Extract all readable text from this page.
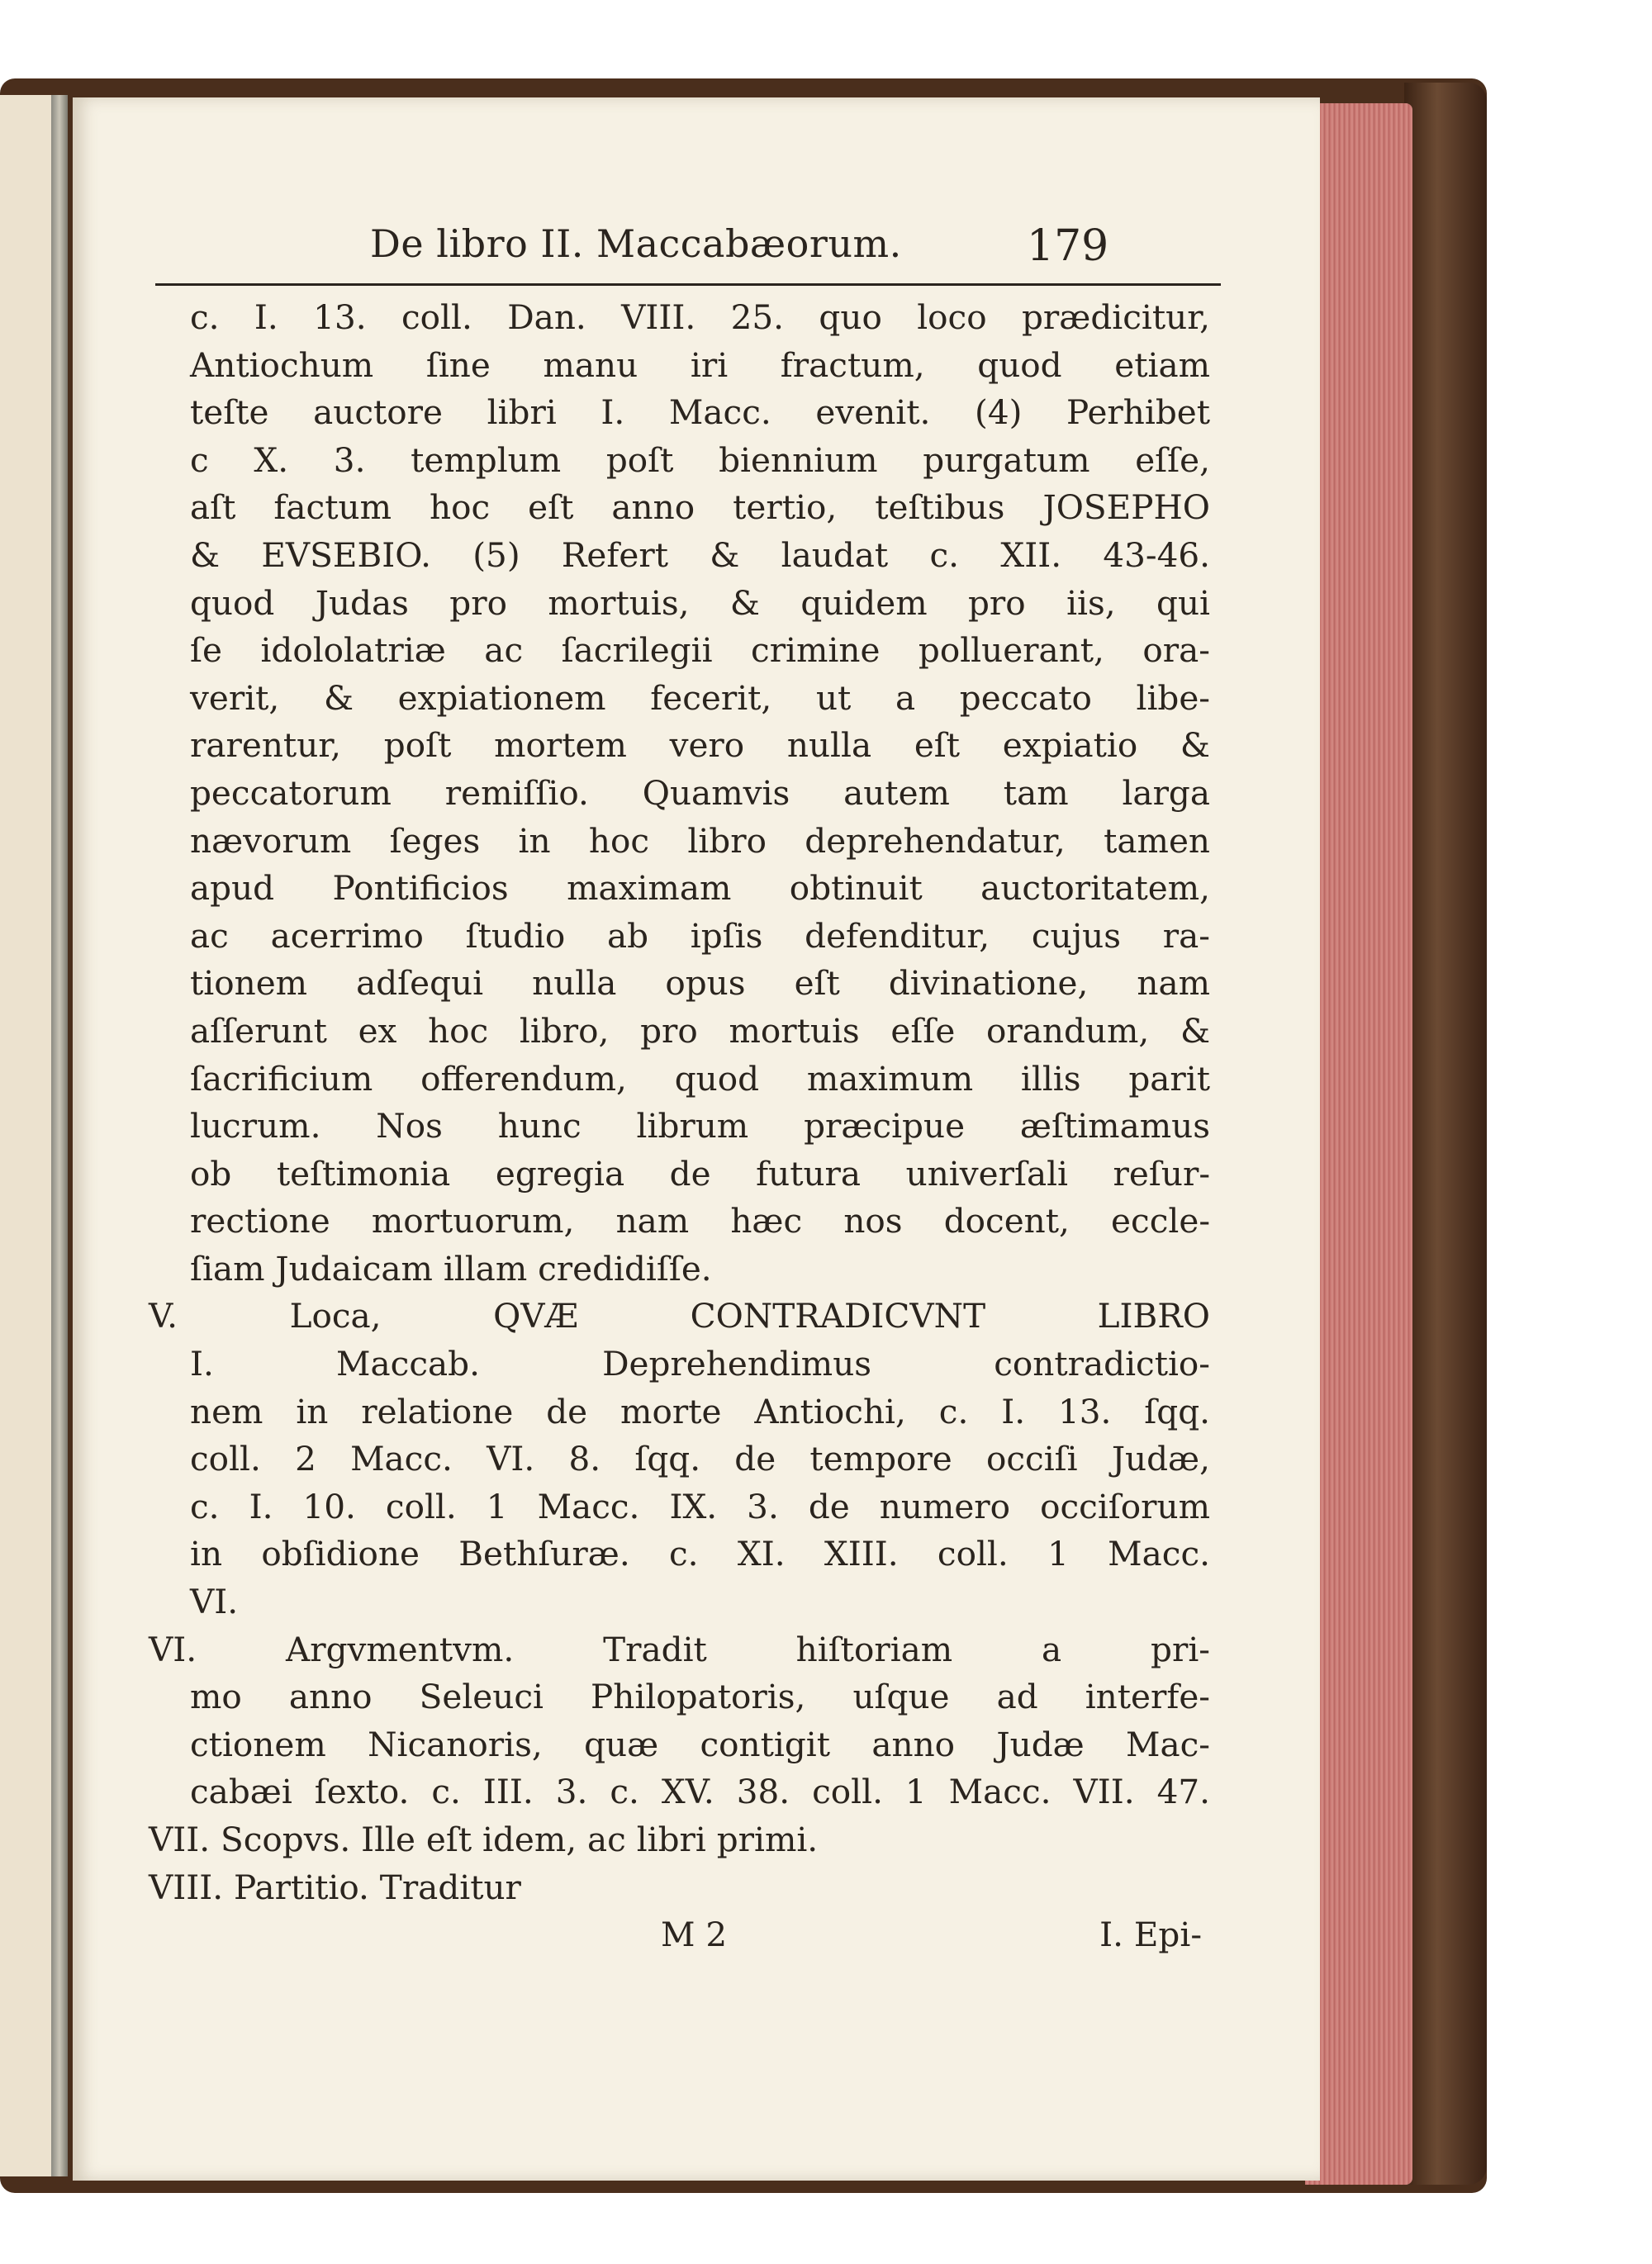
De libro II. Maccabæorum.	179
c. I. 13. coll. Dan. VIII. 25. quo loco prædicitur,
Antiochum ſine manu iri fractum, quod etiam
teſte auctore libri I. Macc. evenit. (4) Perhibet
c X. 3. templum poſt biennium purgatum eſſe,
aſt factum hoc eſt anno tertio, teſtibus JOSEPHO
& EVSEBIO. (5) Refert & laudat c. XII. 43-46.
quod Judas pro mortuis, & quidem pro iis, qui
ſe idololatriæ ac ſacrilegii crimine polluerant, ora-
verit, & expiationem fecerit, ut a peccato libe-
rarentur, poſt mortem vero nulla eſt expiatio &
peccatorum remiſſio. Quamvis autem tam larga
nævorum ſeges in hoc libro deprehendatur, tamen
apud Pontificios maximam obtinuit auctoritatem,
ac acerrimo ſtudio ab ipſis defenditur, cujus ra-
tionem adſequi nulla opus eſt divinatione, nam
aſſerunt ex hoc libro, pro mortuis eſſe orandum, &
ſacrificium offerendum, quod maximum illis parit
lucrum. Nos hunc librum præcipue æſtimamus
ob teſtimonia egregia de futura univerſali reſur-
rectione mortuorum, nam hæc nos docent, eccle-
ſiam Judaicam illam credidiſſe.
V. Loca, QVÆ CONTRADICVNT LIBRO
I. Maccab. Deprehendimus contradictio-
nem in relatione de morte Antiochi, c. I. 13. ſqq.
coll. 2 Macc. VI. 8. ſqq. de tempore occiſi Judæ,
c. I. 10. coll. 1 Macc. IX. 3. de numero occiſorum
in obſidione Bethſuræ. c. XI. XIII. coll. 1 Macc.
VI.
VI. Argvmentvm. Tradit hiſtoriam a pri-
mo anno Seleuci Philopatoris, uſque ad interfe-
ctionem Nicanoris, quæ contigit anno Judæ Mac-
cabæi ſexto. c. III. 3. c. XV. 38. coll. 1 Macc. VII. 47.
VII. Scopvs. Ille eſt idem, ac libri primi.
VIII. Partitio. Traditur
M 2	I. Epi-
